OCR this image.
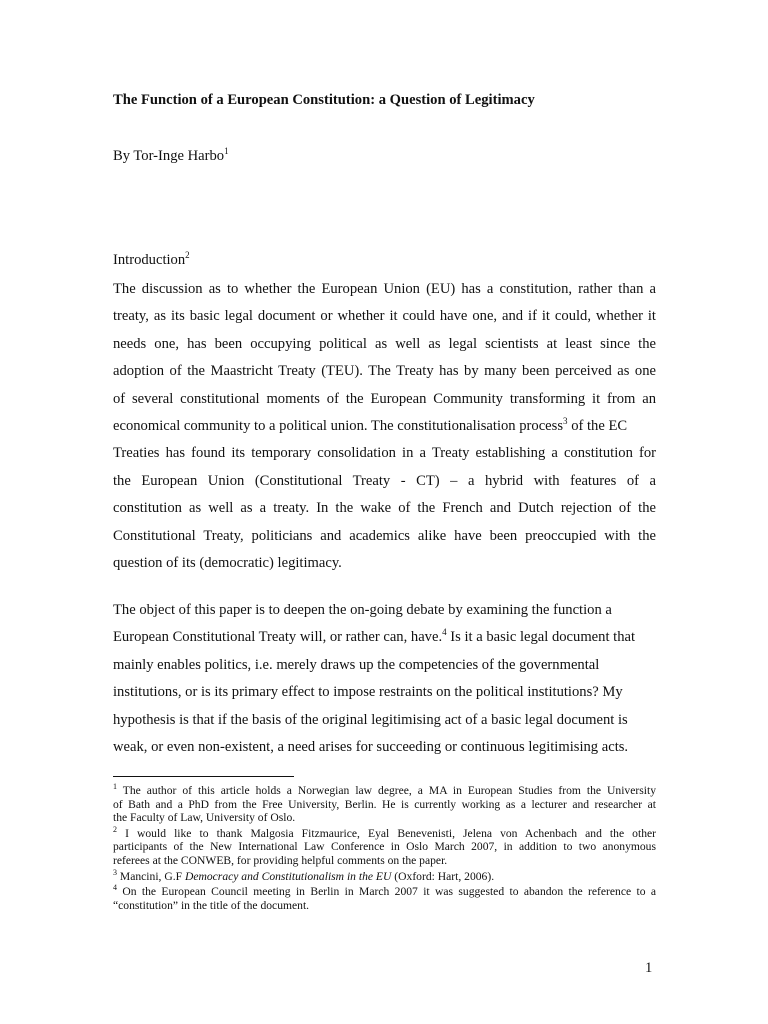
The Function of a European Constitution: a Question of Legitimacy
By Tor-Inge Harbo$^1$
Introduction$^2$
The discussion as to whether the European Union (EU) has a constitution, rather than a
treaty, as its basic legal document or whether it could have one, and if it could, whether it
needs one, has been occupying political as well as legal scientists at least since the
adoption of the Maastricht Treaty (TEU). The Treaty has by many been perceived as one
of several constitutional moments of the European Community transforming it from an
economical community to a political union. The constitutionalisation process$^3$ of the EC
Treaties has found its temporary consolidation in a Treaty establishing a constitution for
the European Union (Constitutional Treaty - CT) – a hybrid with features of a
constitution as well as a treaty. In the wake of the French and Dutch rejection of the
Constitutional Treaty, politicians and academics alike have been preoccupied with the
question of its (democratic) legitimacy.
The object of this paper is to deepen the on-going debate by examining the function a
European Constitutional Treaty will, or rather can, have.$^4$ Is it a basic legal document that
mainly enables politics, i.e. merely draws up the competencies of the governmental
institutions, or is its primary effect to impose restraints on the political institutions? My
hypothesis is that if the basis of the original legitimising act of a basic legal document is
weak, or even non-existent, a need arises for succeeding or continuous legitimising acts.
$^1$ The author of this article holds a Norwegian law degree, a MA in European Studies from the University
of Bath and a PhD from the Free University, Berlin. He is currently working as a lecturer and researcher at
the Faculty of Law, University of Oslo.
$^2$ I would like to thank Malgosia Fitzmaurice, Eyal Benevenisti, Jelena von Achenbach and the other
participants of the New International Law Conference in Oslo March 2007, in addition to two anonymous
referees at the CONWEB, for providing helpful comments on the paper.
$^3$ Mancini, G.F Democracy and Constitutionalism in the EU (Oxford: Hart, 2006).
$^4$ On the European Council meeting in Berlin in March 2007 it was suggested to abandon the reference to a
“constitution” in the title of the document.
1
